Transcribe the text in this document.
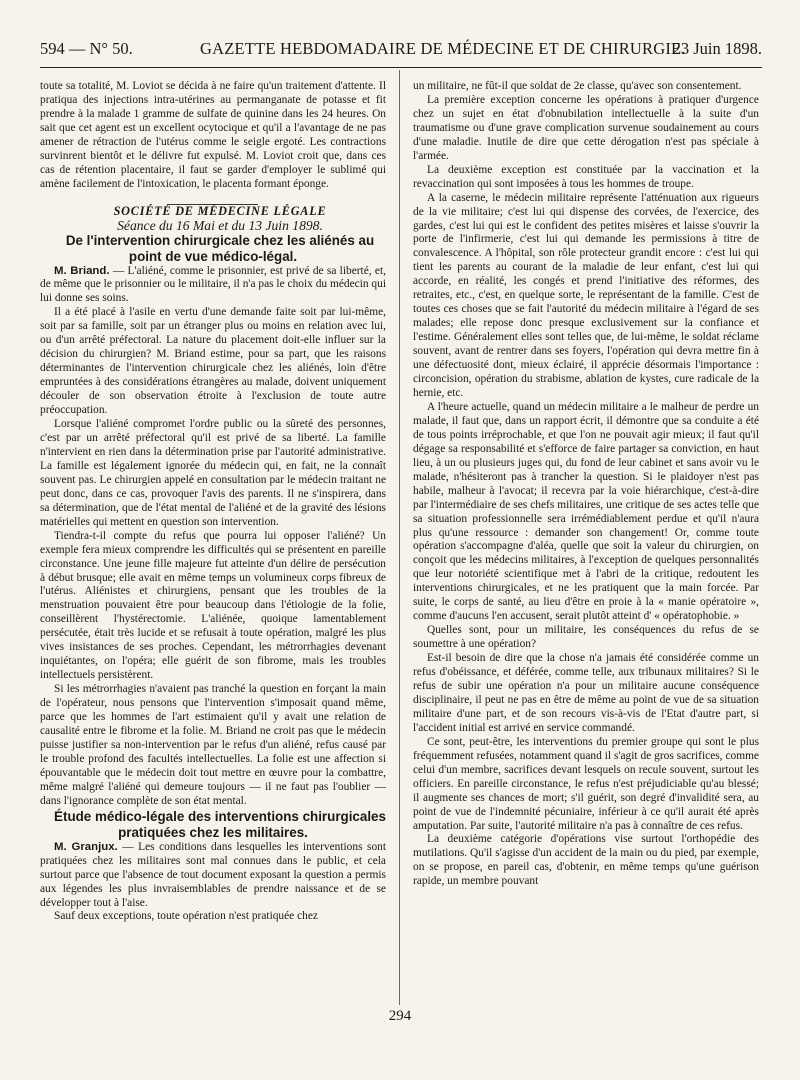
594 — N° 50.	GAZETTE HEBDOMADAIRE DE MÉDECINE ET DE CHIRURGIE.
23 Juin 1898.

toute sa totalité, M. Loviot se décida à ne faire qu'un traitement d'attente. Il pratiqua des injections intra-utérines au permanganate de potasse et fit prendre à la malade 1 gramme de sulfate de quinine dans les 24 heures. On sait que cet agent est un excellent ocytocique et qu'il a l'avantage de ne pas amener de rétraction de l'utérus comme le seigle ergoté. Les contractions survinrent bientôt et le délivre fut expulsé. M. Loviot croit que, dans ces cas de rétention placentaire, il faut se garder d'employer le sublimé qui amène facilement de l'intoxication, le placenta formant éponge.

SOCIÉTÉ DE MÉDECINE LÉGALE

Séance du 16 Mai et du 13 Juin 1898.

De l'intervention chirurgicale chez les aliénés au point de vue médico-légal.

M. Briand. — L'aliéné, comme le prisonnier, est privé de sa liberté, et, de même que le prisonnier ou le militaire, il n'a pas le choix du médecin qui lui donne ses soins.

Il a été placé à l'asile en vertu d'une demande faite soit par lui-même, soit par sa famille, soit par un étranger plus ou moins en relation avec lui, ou d'un arrêté préfectoral. La nature du placement doit-elle influer sur la décision du chirurgien? M. Briand estime, pour sa part, que les raisons déterminantes de l'intervention chirurgicale chez les aliénés, loin d'être empruntées à des considérations étrangères au malade, doivent uniquement découler de son observation étroite à l'exclusion de toute autre préoccupation.

Lorsque l'aliéné compromet l'ordre public ou la sûreté des personnes, c'est par un arrêté préfectoral qu'il est privé de sa liberté. La famille n'intervient en rien dans la détermination prise par l'autorité administrative. La famille est légalement ignorée du médecin qui, en fait, ne la connaît souvent pas. Le chirurgien appelé en consultation par le médecin traitant ne peut donc, dans ce cas, provoquer l'avis des parents. Il ne s'inspirera, dans sa détermination, que de l'état mental de l'aliéné et de la gravité des lésions matérielles qui mettent en question son intervention.

Tiendra-t-il compte du refus que pourra lui opposer l'aliéné? Un exemple fera mieux comprendre les difficultés qui se présentent en pareille circonstance. Une jeune fille majeure fut atteinte d'un délire de persécution à début brusque; elle avait en même temps un volumineux corps fibreux de l'utérus. Aliénistes et chirurgiens, pensant que les troubles de la menstruation pouvaient être pour beaucoup dans l'étiologie de la folie, conseillèrent l'hystérectomie. L'aliénée, quoique lamentablement persécutée, était très lucide et se refusait à toute opération, malgré les plus vives insistances de ses proches. Cependant, les métrorrhagies devenant inquiétantes, on l'opéra; elle guérit de son fibrome, mais les troubles intellectuels persistèrent.

Si les métrorrhagies n'avaient pas tranché la question en forçant la main de l'opérateur, nous pensons que l'intervention s'imposait quand même, parce que les hommes de l'art estimaient qu'il y avait une relation de causalité entre le fibrome et la folie. M. Briand ne croit pas que le médecin puisse justifier sa non-intervention par le refus d'un aliéné, refus causé par le trouble profond des facultés intellectuelles. La folie est une affection si épouvantable que le médecin doit tout mettre en œuvre pour la combattre, même malgré l'aliéné qui demeure toujours — il ne faut pas l'oublier — dans l'ignorance complète de son état mental.

Étude médico-légale des interventions chirurgicales pratiquées chez les militaires.

M. Granjux. — Les conditions dans lesquelles les interventions sont pratiquées chez les militaires sont mal connues dans le public, et cela surtout parce que l'absence de tout document exposant la question a permis aux légendes les plus invraisemblables de prendre naissance et de se développer tout à l'aise.

Sauf deux exceptions, toute opération n'est pratiquée chez

un militaire, ne fût-il que soldat de 2e classe, qu'avec son consentement.

La première exception concerne les opérations à pratiquer d'urgence chez un sujet en état d'obnubilation intellectuelle à la suite d'un traumatisme ou d'une grave complication survenue soudainement au cours d'une maladie. Inutile de dire que cette dérogation n'est pas spéciale à l'armée.

La deuxième exception est constituée par la vaccination et la revaccination qui sont imposées à tous les hommes de troupe.

A la caserne, le médecin militaire représente l'atténuation aux rigueurs de la vie militaire; c'est lui qui dispense des corvées, de l'exercice, des gardes, c'est lui qui est le confident des petites misères et laisse s'ouvrir la porte de l'infirmerie, c'est lui qui demande les permissions à titre de convalescence. A l'hôpital, son rôle protecteur grandit encore : c'est lui qui tient les parents au courant de la maladie de leur enfant, c'est lui qui accorde, en réalité, les congés et prend l'initiative des réformes, des retraites, etc., c'est, en quelque sorte, le représentant de la famille. C'est de toutes ces choses que se fait l'autorité du médecin militaire à l'égard de ses malades; elle repose donc presque exclusivement sur la confiance et l'estime. Généralement elles sont telles que, de lui-même, le soldat réclame souvent, avant de rentrer dans ses foyers, l'opération qui devra mettre fin à une défectuosité dont, mieux éclairé, il apprécie désormais l'importance : circoncision, opération du strabisme, ablation de kystes, cure radicale de la hernie, etc.

A l'heure actuelle, quand un médecin militaire a le malheur de perdre un malade, il faut que, dans un rapport écrit, il démontre que sa conduite a été de tous points irréprochable, et que l'on ne pouvait agir mieux; il faut qu'il dégage sa responsabilité et s'efforce de faire partager sa conviction, en haut lieu, à un ou plusieurs juges qui, du fond de leur cabinet et sans avoir vu le malade, n'hésiteront pas à trancher la question. Si le plaidoyer n'est pas habile, malheur à l'avocat; il recevra par la voie hiérarchique, c'est-à-dire par l'intermédiaire de ses chefs militaires, une critique de ses actes telle que sa situation professionnelle sera irrémédiablement perdue et qu'il n'aura plus qu'une ressource : demander son changement! Or, comme toute opération s'accompagne d'aléa, quelle que soit la valeur du chirurgien, on conçoit que les médecins militaires, à l'exception de quelques personnalités que leur notoriété scientifique met à l'abri de la critique, redoutent les interventions chirurgicales, et ne les pratiquent que la main forcée. Par suite, le corps de santé, au lieu d'être en proie à la « manie opératoire », comme d'aucuns l'en accusent, serait plutôt atteint d' « opératophobie. »

Quelles sont, pour un militaire, les conséquences du refus de se soumettre à une opération?

Est-il besoin de dire que la chose n'a jamais été considérée comme un refus d'obéissance, et déférée, comme telle, aux tribunaux militaires? Si le refus de subir une opération n'a pour un militaire aucune conséquence disciplinaire, il peut ne pas en être de même au point de vue de sa situation militaire d'une part, et de son recours vis-à-vis de l'Etat d'autre part, si l'accident initial est arrivé en service commandé.

Ce sont, peut-être, les interventions du premier groupe qui sont le plus fréquemment refusées, notamment quand il s'agit de gros sacrifices, comme celui d'un membre, sacrifices devant lesquels on recule souvent, surtout les officiers. En pareille circonstance, le refus n'est préjudiciable qu'au blessé; il augmente ses chances de mort; s'il guérit, son degré d'invalidité sera, au point de vue de l'indemnité pécuniaire, inférieur à ce qu'il aurait été après amputation. Par suite, l'autorité militaire n'a pas à connaître de ces refus.

La deuxième catégorie d'opérations vise surtout l'orthopédie des mutilations. Qu'il s'agisse d'un accident de la main ou du pied, par exemple, on se propose, en pareil cas, d'obtenir, en même temps qu'une guérison rapide, un membre pouvant

294
